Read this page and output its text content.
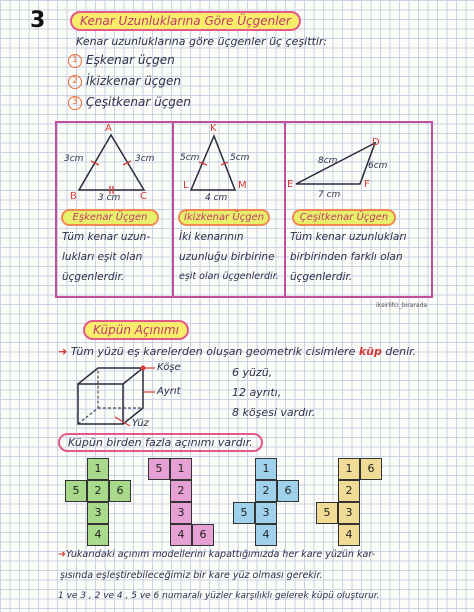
3	Kenar Uzunluklarına Göre Üçgenler
Kenar uzunluklarına göre üçgenler üç çeşittir:
1 Eşkenar üçgen
2 İkizkenar üçgen
3 Çeşitkenar üçgen
A
B	C
3cm	3cm
3 cm
K
L	M
5cm	5cm
4 cm
D
E	F
8cm	6cm
7 cm
Eşkenar Üçgen	İkizkenar Üçgen	Çeşitkenar Üçgen
Tüm kenar uzun-
lukları eşit olan
üçgenlerdir.
İki kenarının
uzunluğu birbirine
eşit olan üçgenlerdir.
Tüm kenar uzunlukları
birbirinden farklı olan
üçgenlerdir.
iksirlifci_birarada
Küpün Açınımı
➜ Tüm yüzü eş karelerden oluşan geometrik cisimlere küp denir.
Köşe
Ayrıt
Yüz
6 yüzü,
12 ayrıtı,
8 köşesi vardır.
Küpün birden fazla açınımı vardır.
1
5	2	6
3
4
5	1
2
3
4	6
1
2	6
5	3
4
1	6
2
5	3
4
➜Yukarıdaki açınım modellerini kapattığımızda her kare yüzün kar-
şısında eşleştirebileceğimiz bir kare yüz olması gerekir.
1 ve 3 , 2 ve 4 , 5 ve 6 numaralı yüzler karşılıklı gelerek küpü oluşturur.
